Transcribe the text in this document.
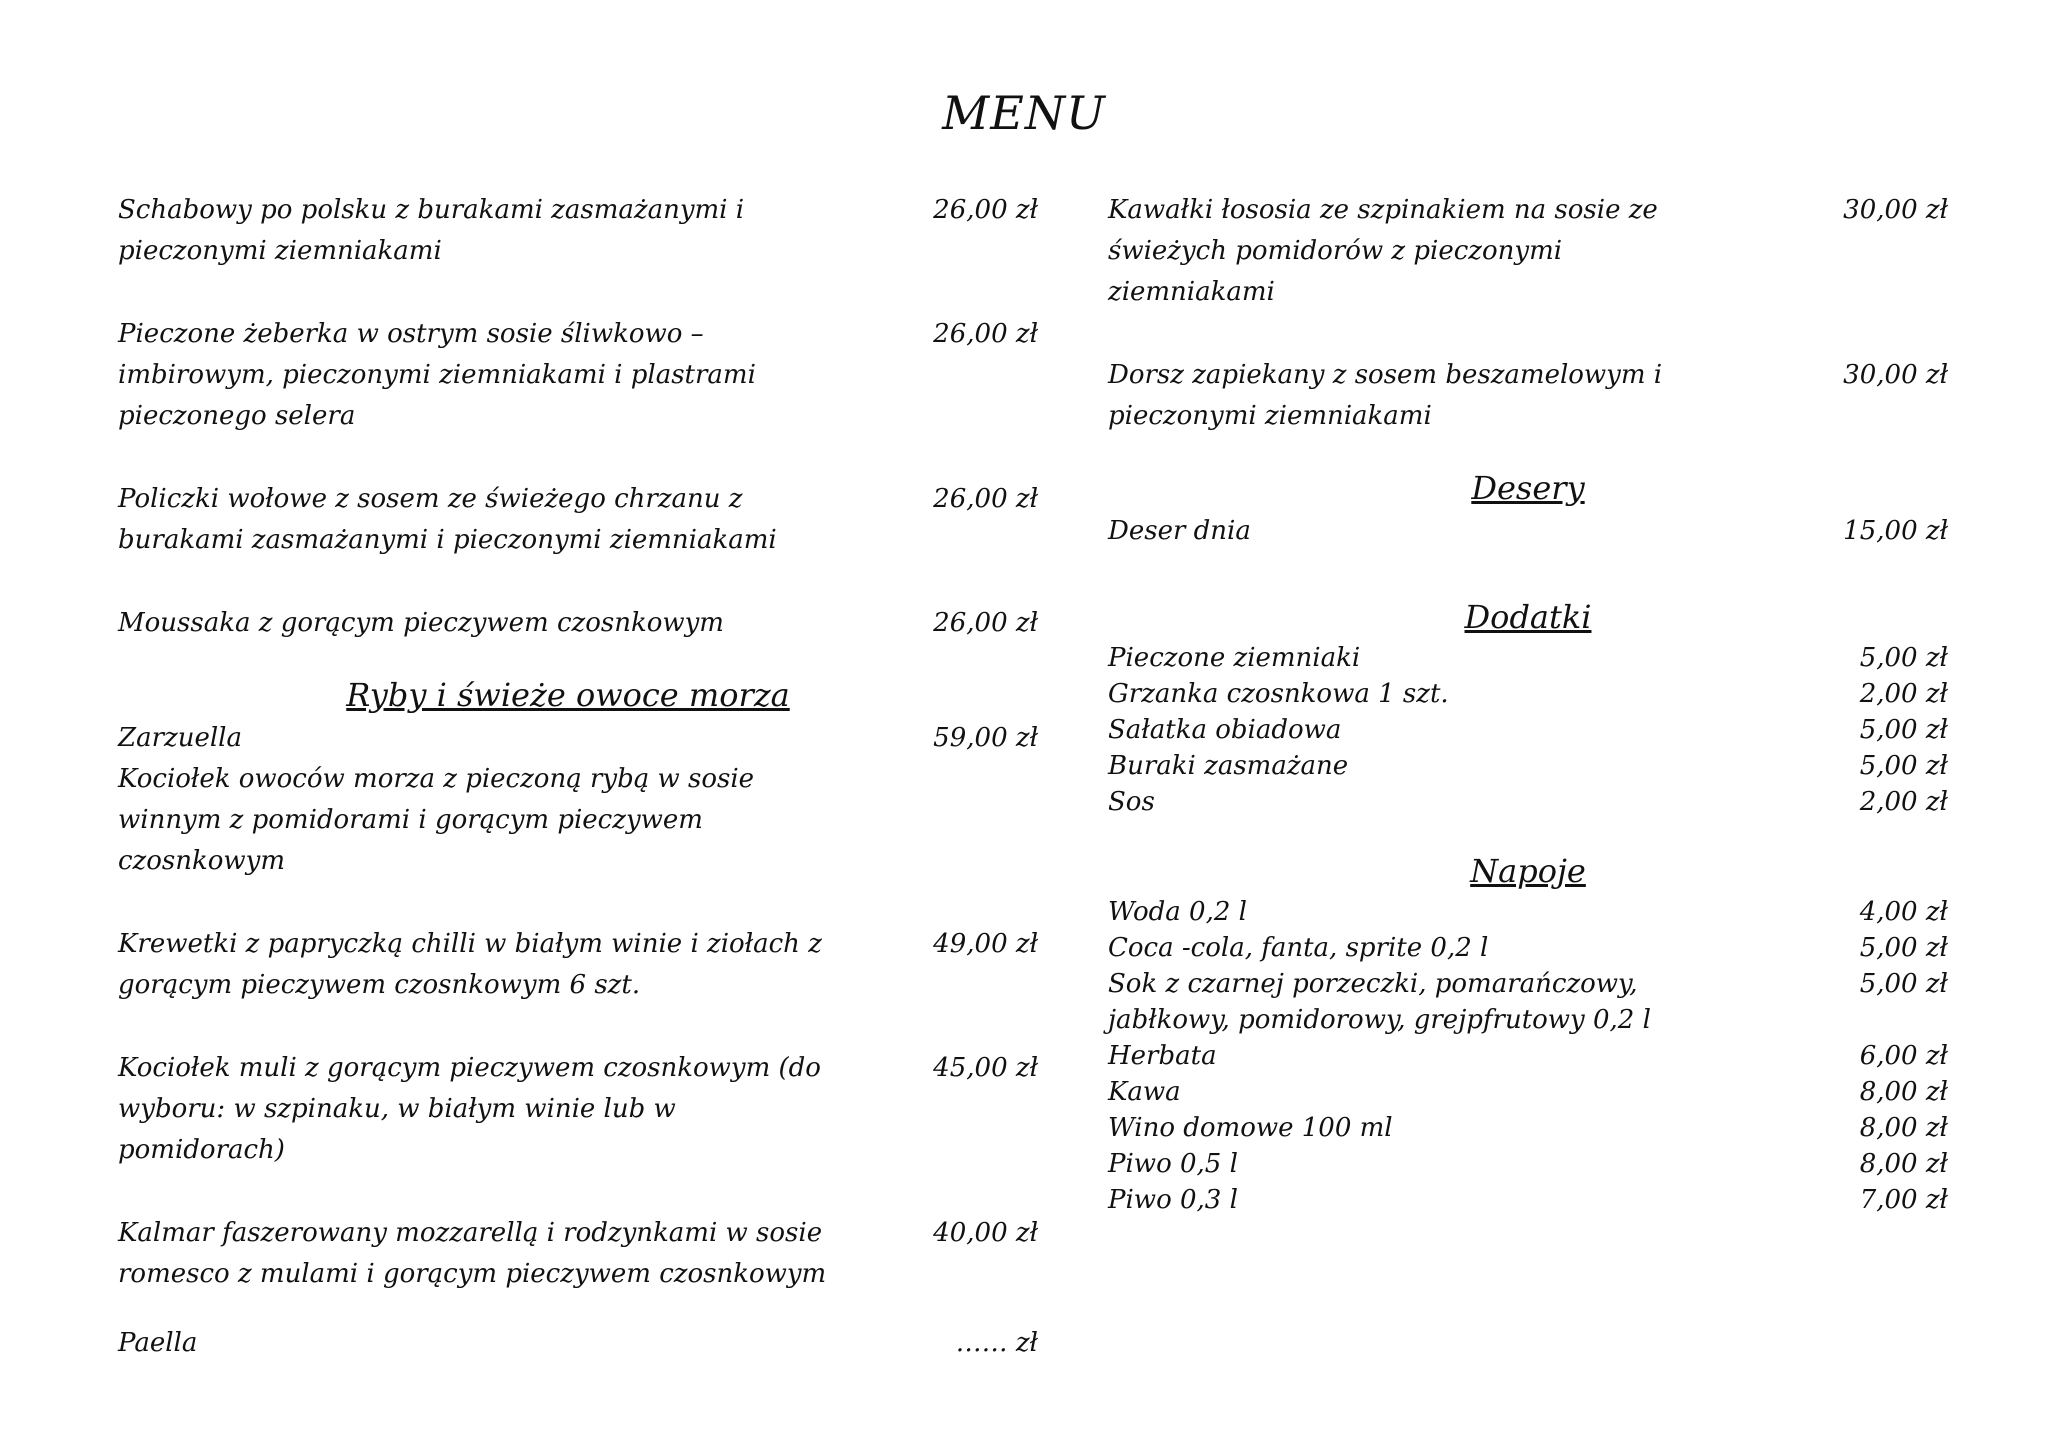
MENU
Schabowy po polsku z burakami zasmażanymi i pieczonymi ziemniakami
26,00 zł
Pieczone żeberka w ostrym sosie śliwkowo – imbirowym, pieczonymi ziemniakami i plastrami pieczonego selera
26,00 zł
Policzki wołowe z sosem ze świeżego chrzanu z burakami zasmażanymi i pieczonymi ziemniakami
26,00 zł
Moussaka z gorącym pieczywem czosnkowym	26,00 zł
Ryby i świeże owoce morza
Zarzuella	59,00 zł
Kociołek owoców morza z pieczoną rybą w sosie winnym z pomidorami i gorącym pieczywem czosnkowym
Krewetki z papryczką chilli w białym winie i ziołach z gorącym pieczywem czosnkowym 6 szt.
49,00 zł
Kociołek muli z gorącym pieczywem czosnkowym (do wyboru: w szpinaku, w białym winie lub w pomidorach)
45,00 zł
Kalmar faszerowany mozzarellą i rodzynkami w sosie romesco z mulami i gorącym pieczywem czosnkowym
40,00 zł
Paella	…… zł
Kawałki łososia ze szpinakiem na sosie ze świeżych pomidorów z pieczonymi ziemniakami
30,00 zł
Dorsz zapiekany z sosem beszamelowym i pieczonymi ziemniakami
30,00 zł
Desery
Deser dnia	15,00 zł
Dodatki
Pieczone ziemniaki	5,00 zł
Grzanka czosnkowa 1 szt.	2,00 zł
Sałatka obiadowa	5,00 zł
Buraki zasmażane	5,00 zł
Sos	2,00 zł
Napoje
Woda 0,2 l	4,00 zł
Coca -cola, fanta, sprite 0,2 l	5,00 zł
Sok z czarnej porzeczki, pomarańczowy, jabłkowy, pomidorowy, grejpfrutowy 0,2 l
5,00 zł
Herbata	6,00 zł
Kawa	8,00 zł
Wino domowe 100 ml	8,00 zł
Piwo 0,5 l	8,00 zł
Piwo 0,3 l	7,00 zł
